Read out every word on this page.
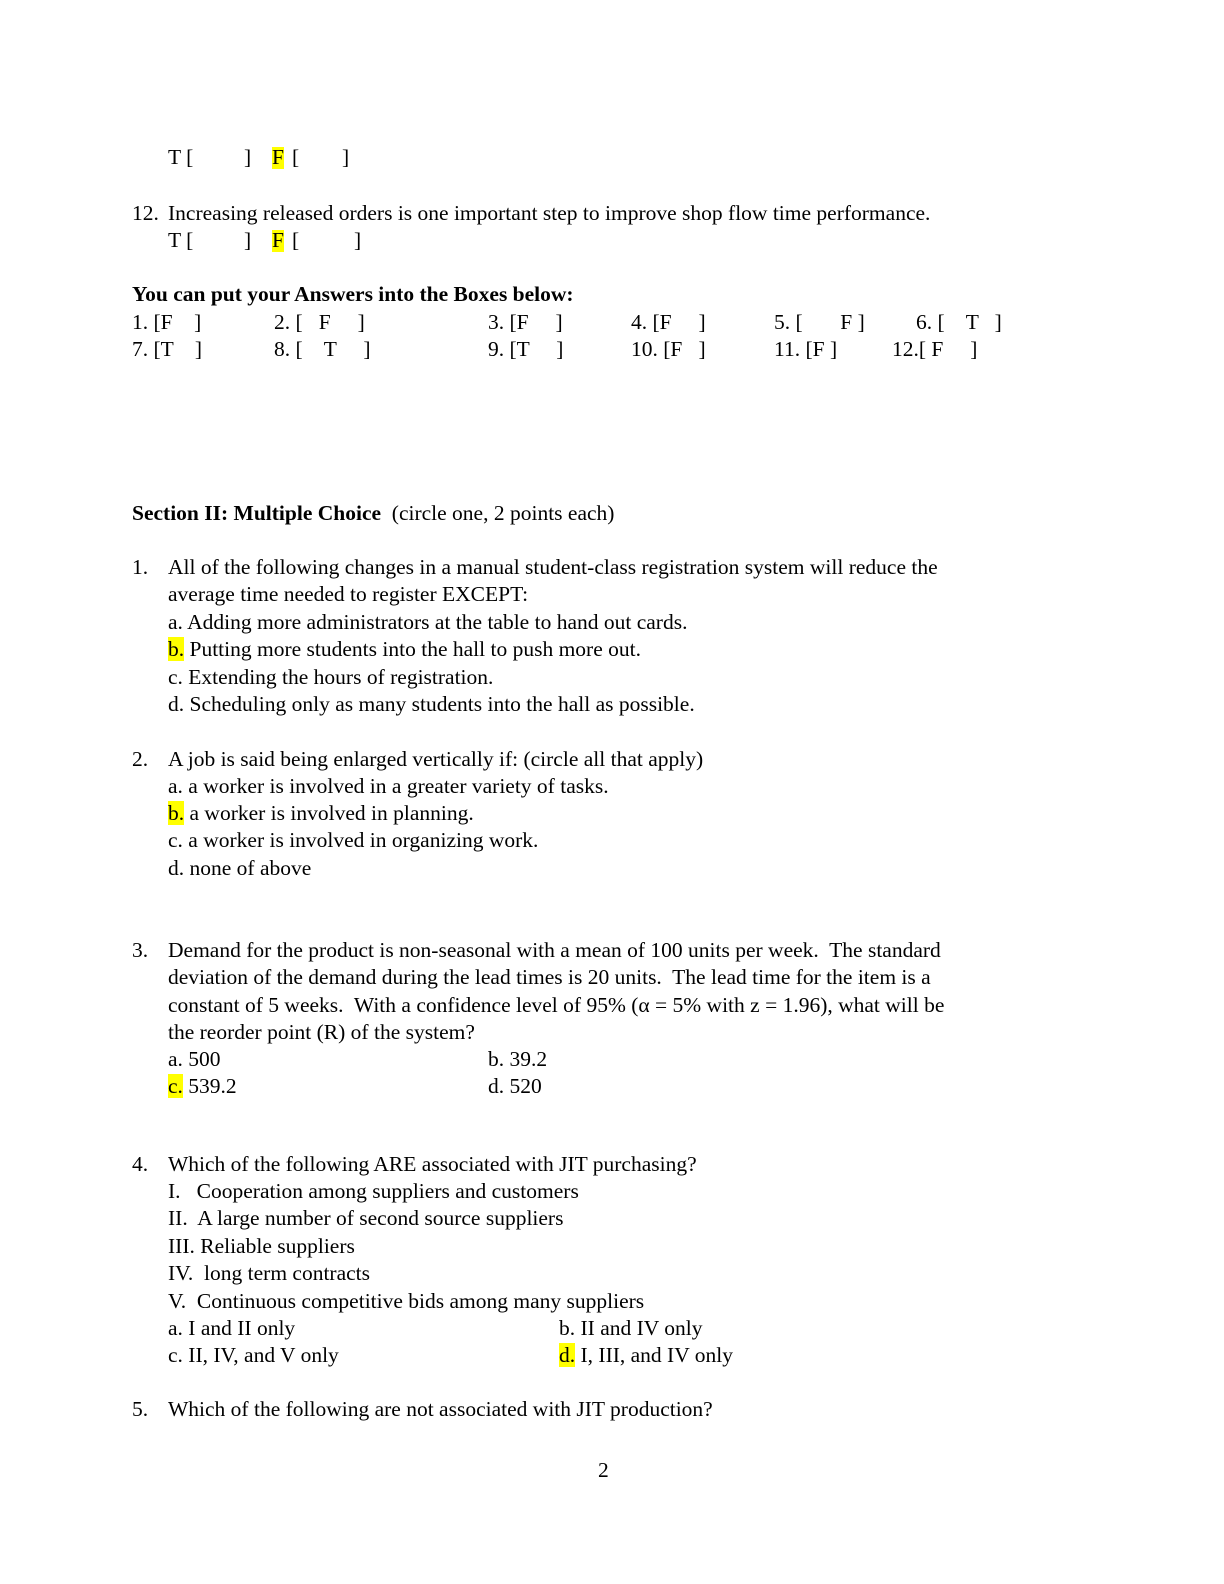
T [ ] F [ ]
12. Increasing released orders is one important step to improve shop flow time performance.
T [ ] F [	]
You can put your Answers into the Boxes below:
1. [F    ]	2. [   F     ]	3. [F     ]	4. [F     ]	5. [       F ] 6. [    T   ]
7. [T    ]	8. [    T     ]	9. [T     ]	10. [F   ]	11. [F ]	12.[ F     ]
Section II: Multiple Choice (circle one, 2 points each)
1. All of the following changes in a manual student-class registration system will reduce the
average time needed to register EXCEPT:
a. Adding more administrators at the table to hand out cards.
b. Putting more students into the hall to push more out.
c. Extending the hours of registration.
d. Scheduling only as many students into the hall as possible.
2. A job is said being enlarged vertically if: (circle all that apply)
a. a worker is involved in a greater variety of tasks.
b. a worker is involved in planning.
c. a worker is involved in organizing work.
d. none of above
3. Demand for the product is non-seasonal with a mean of 100 units per week.  The standard
deviation of the demand during the lead times is 20 units.  The lead time for the item is a
constant of 5 weeks.  With a confidence level of 95% (α = 5% with z = 1.96), what will be
the reorder point (R) of the system?
a. 500	b. 39.2
c. 539.2	d. 520
4. Which of the following ARE associated with JIT purchasing?
I.   Cooperation among suppliers and customers
II.  A large number of second source suppliers
III. Reliable suppliers
IV.  long term contracts
V.  Continuous competitive bids among many suppliers
a. I and II only	b. II and IV only
c. II, IV, and V only	d. I, III, and IV only
5. Which of the following are not associated with JIT production?
2
